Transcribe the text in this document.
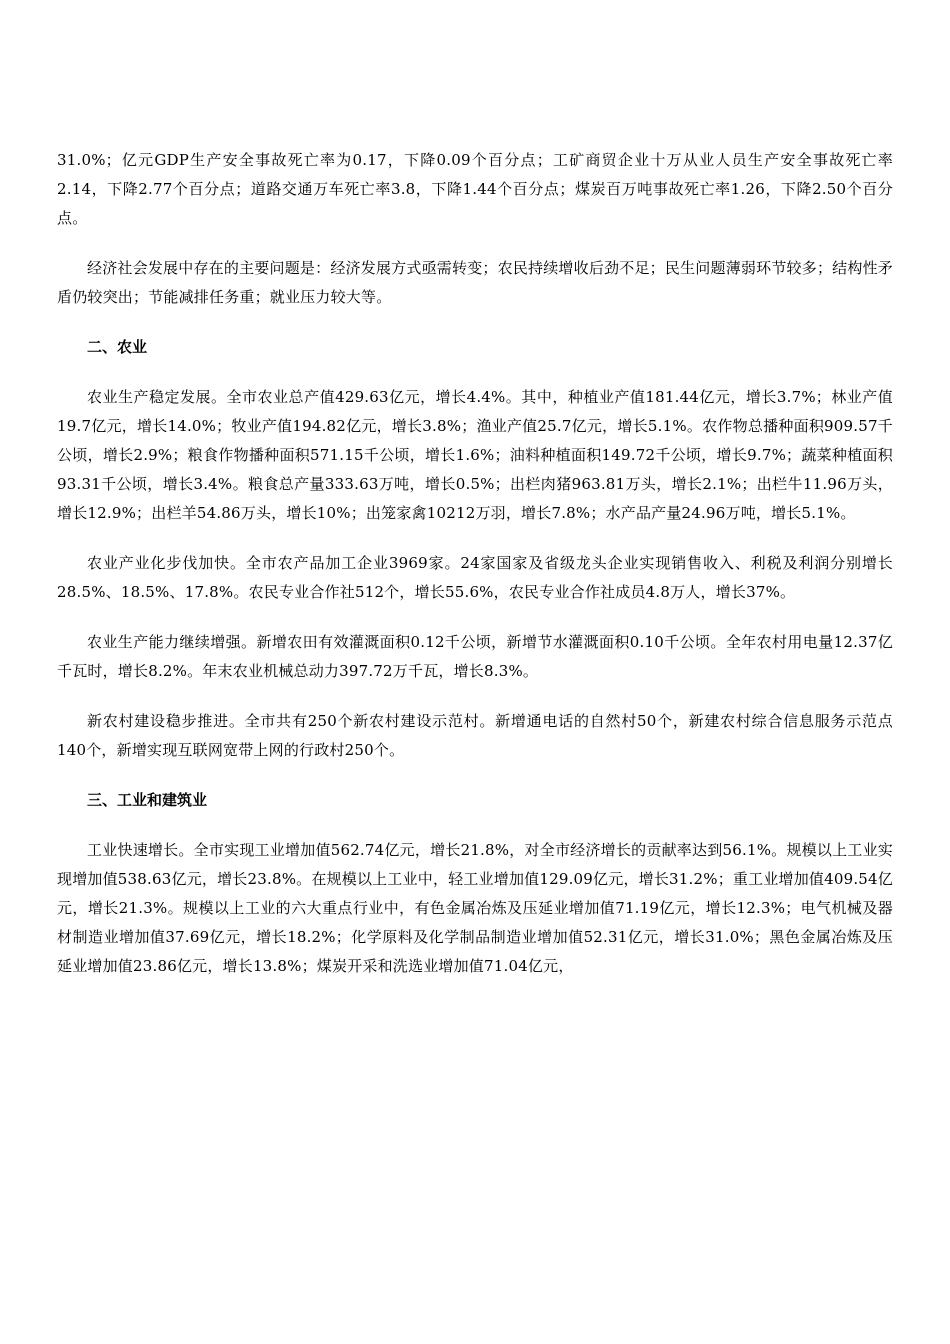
31.0%；亿元GDP生产安全事故死亡率为0.17，下降0.09个百分点；工矿商贸企业十万从业人员生产安全事故死亡率2.14，下降2.77个百分点；道路交通万车死亡率3.8，下降1.44个百分点；煤炭百万吨事故死亡率1.26，下降2.50个百分点。

经济社会发展中存在的主要问题是：经济发展方式亟需转变；农民持续增收后劲不足；民生问题薄弱环节较多；结构性矛盾仍较突出；节能减排任务重；就业压力较大等。

二、农业

农业生产稳定发展。全市农业总产值429.63亿元，增长4.4%。其中，种植业产值181.44亿元，增长3.7%；林业产值19.7亿元，增长14.0%；牧业产值194.82亿元，增长3.8%；渔业产值25.7亿元，增长5.1%。农作物总播种面积909.57千公顷，增长2.9%；粮食作物播种面积571.15千公顷，增长1.6%；油料种植面积149.72千公顷，增长9.7%；蔬菜种植面积93.31千公顷，增长3.4%。粮食总产量333.63万吨，增长0.5%；出栏肉猪963.81万头，增长2.1%；出栏牛11.96万头，增长12.9%；出栏羊54.86万头，增长10%；出笼家禽10212万羽，增长7.8%；水产品产量24.96万吨，增长5.1%。

农业产业化步伐加快。全市农产品加工企业3969家。24家国家及省级龙头企业实现销售收入、利税及利润分别增长28.5%、18.5%、17.8%。农民专业合作社512个，增长55.6%，农民专业合作社成员4.8万人，增长37%。

农业生产能力继续增强。新增农田有效灌溉面积0.12千公顷，新增节水灌溉面积0.10千公顷。全年农村用电量12.37亿千瓦时，增长8.2%。年末农业机械总动力397.72万千瓦，增长8.3%。

新农村建设稳步推进。全市共有250个新农村建设示范村。新增通电话的自然村50个，新建农村综合信息服务示范点140个，新增实现互联网宽带上网的行政村250个。

三、工业和建筑业

工业快速增长。全市实现工业增加值562.74亿元，增长21.8%，对全市经济增长的贡献率达到56.1%。规模以上工业实现增加值538.63亿元，增长23.8%。在规模以上工业中，轻工业增加值129.09亿元，增长31.2%；重工业增加值409.54亿元，增长21.3%。规模以上工业的六大重点行业中，有色金属冶炼及压延业增加值71.19亿元，增长12.3%；电气机械及器材制造业增加值37.69亿元，增长18.2%；化学原料及化学制品制造业增加值52.31亿元，增长31.0%；黑色金属冶炼及压延业增加值23.86亿元，增长13.8%；煤炭开采和洗选业增加值71.04亿元，
